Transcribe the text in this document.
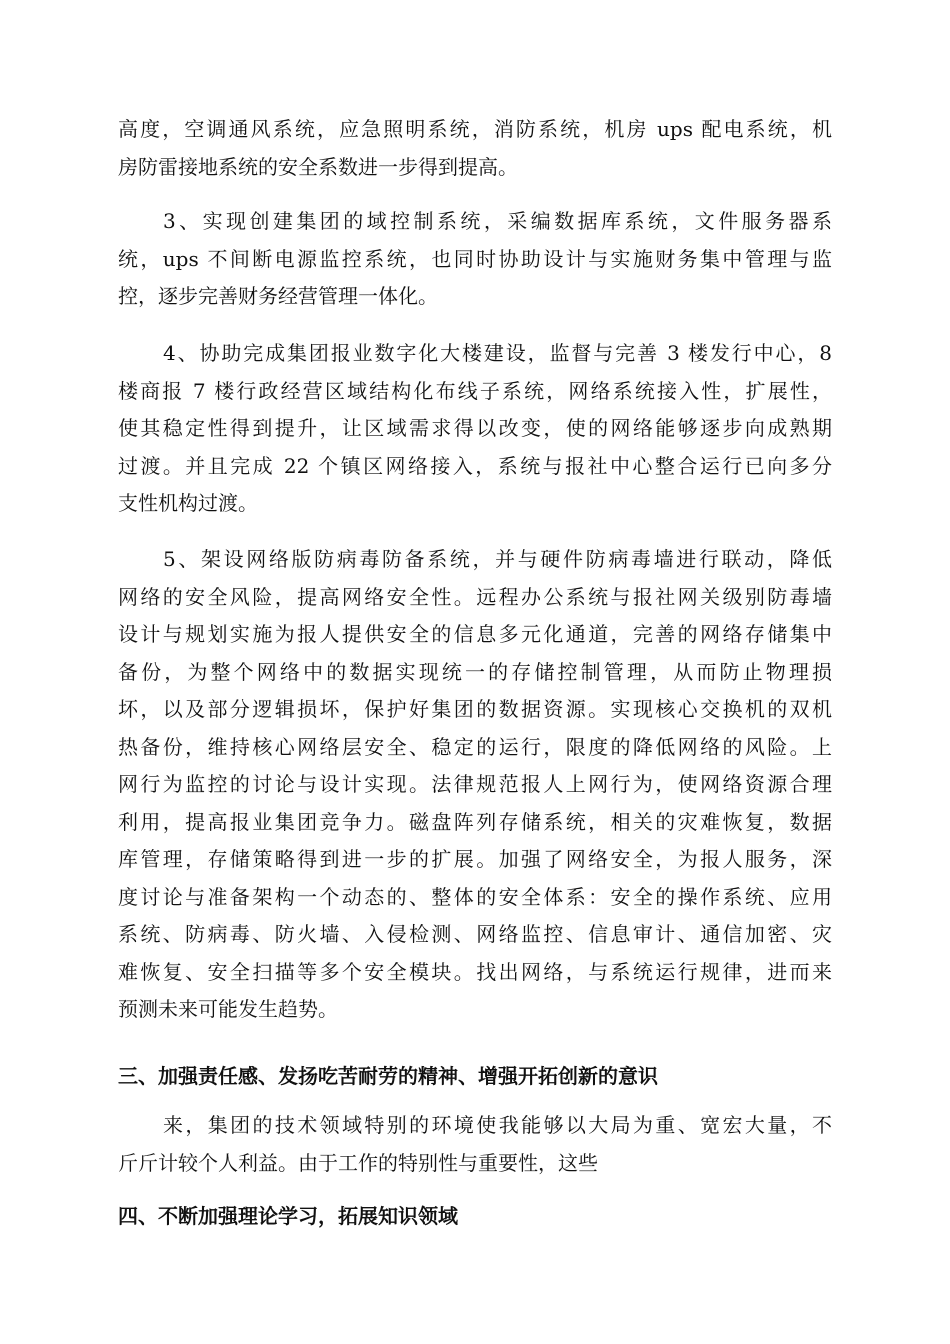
高度，空调通风系统，应急照明系统，消防系统，机房 ups 配电系统，机
房防雷接地系统的安全系数进一步得到提高。
3、实现创建集团的域控制系统，采编数据库系统，文件服务器系
统，ups 不间断电源监控系统，也同时协助设计与实施财务集中管理与监
控，逐步完善财务经营管理一体化。
4、协助完成集团报业数字化大楼建设，监督与完善 3 楼发行中心，8
楼商报 7 楼行政经营区域结构化布线子系统，网络系统接入性，扩展性，
使其稳定性得到提升，让区域需求得以改变，使的网络能够逐步向成熟期
过渡。并且完成 22 个镇区网络接入，系统与报社中心整合运行已向多分
支性机构过渡。
5、架设网络版防病毒防备系统，并与硬件防病毒墙进行联动，降低
网络的安全风险，提高网络安全性。远程办公系统与报社网关级别防毒墙
设计与规划实施为报人提供安全的信息多元化通道，完善的网络存储集中
备份，为整个网络中的数据实现统一的存储控制管理，从而防止物理损
坏，以及部分逻辑损坏，保护好集团的数据资源。实现核心交换机的双机
热备份，维持核心网络层安全、稳定的运行，限度的降低网络的风险。上
网行为监控的讨论与设计实现。法律规范报人上网行为，使网络资源合理
利用，提高报业集团竞争力。磁盘阵列存储系统，相关的灾难恢复，数据
库管理，存储策略得到进一步的扩展。加强了网络安全，为报人服务，深
度讨论与准备架构一个动态的、整体的安全体系：安全的操作系统、应用
系统、防病毒、防火墙、入侵检测、网络监控、信息审计、通信加密、灾
难恢复、安全扫描等多个安全模块。找出网络，与系统运行规律，进而来
预测未来可能发生趋势。
三、加强责任感、发扬吃苦耐劳的精神、增强开拓创新的意识
来，集团的技术领域特别的环境使我能够以大局为重、宽宏大量，不
斤斤计较个人利益。由于工作的特别性与重要性，这些
四、不断加强理论学习，拓展知识领域
